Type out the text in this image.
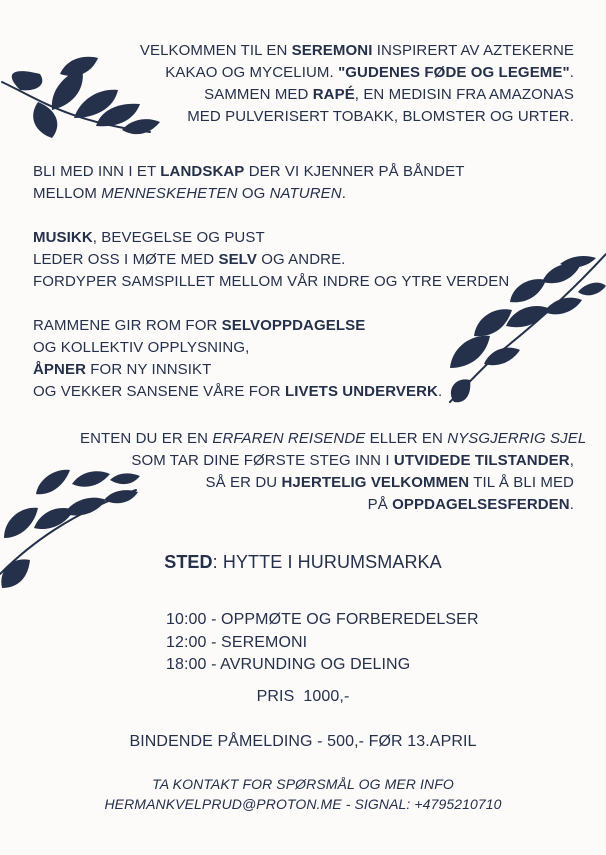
VELKOMMEN TIL EN SEREMONI INSPIRERT AV AZTEKERNE

KAKAO OG MYCELIUM. "GUDENES FØDE OG LEGEME".

SAMMEN MED RAPÉ, EN MEDISIN FRA AMAZONAS

MED PULVERISERT TOBAKK, BLOMSTER OG URTER.

BLI MED INN I ET LANDSKAP DER VI KJENNER PÅ BÅNDET

MELLOM MENNESKEHETEN OG NATUREN.

MUSIKK, BEVEGELSE OG PUST

LEDER OSS I MØTE MED SELV OG ANDRE.

FORDYPER SAMSPILLET MELLOM VÅR INDRE OG YTRE VERDEN

RAMMENE GIR ROM FOR SELVOPPDAGELSE

OG KOLLEKTIV OPPLYSNING,

ÅPNER FOR NY INNSIKT

OG VEKKER SANSENE VÅRE FOR LIVETS UNDERVERK.

ENTEN DU ER EN ERFAREN REISENDE ELLER EN NYSGJERRIG SJEL

SOM TAR DINE FØRSTE STEG INN I UTVIDEDE TILSTANDER,

SÅ ER DU HJERTELIG VELKOMMEN TIL Å BLI MED

PÅ OPPDAGELSESFERDEN.

STED: HYTTE I HURUMSMARKA

10:00 - OPPMØTE OG FORBEREDELSER

12:00 - SEREMONI

18:00 - AVRUNDING OG DELING

PRIS  1000,-

BINDENDE PÅMELDING - 500,- FØR 13.APRIL

TA KONTAKT FOR SPØRSMÅL OG MER INFO

HERMANKVELPRUD@PROTON.ME - SIGNAL: +4795210710
